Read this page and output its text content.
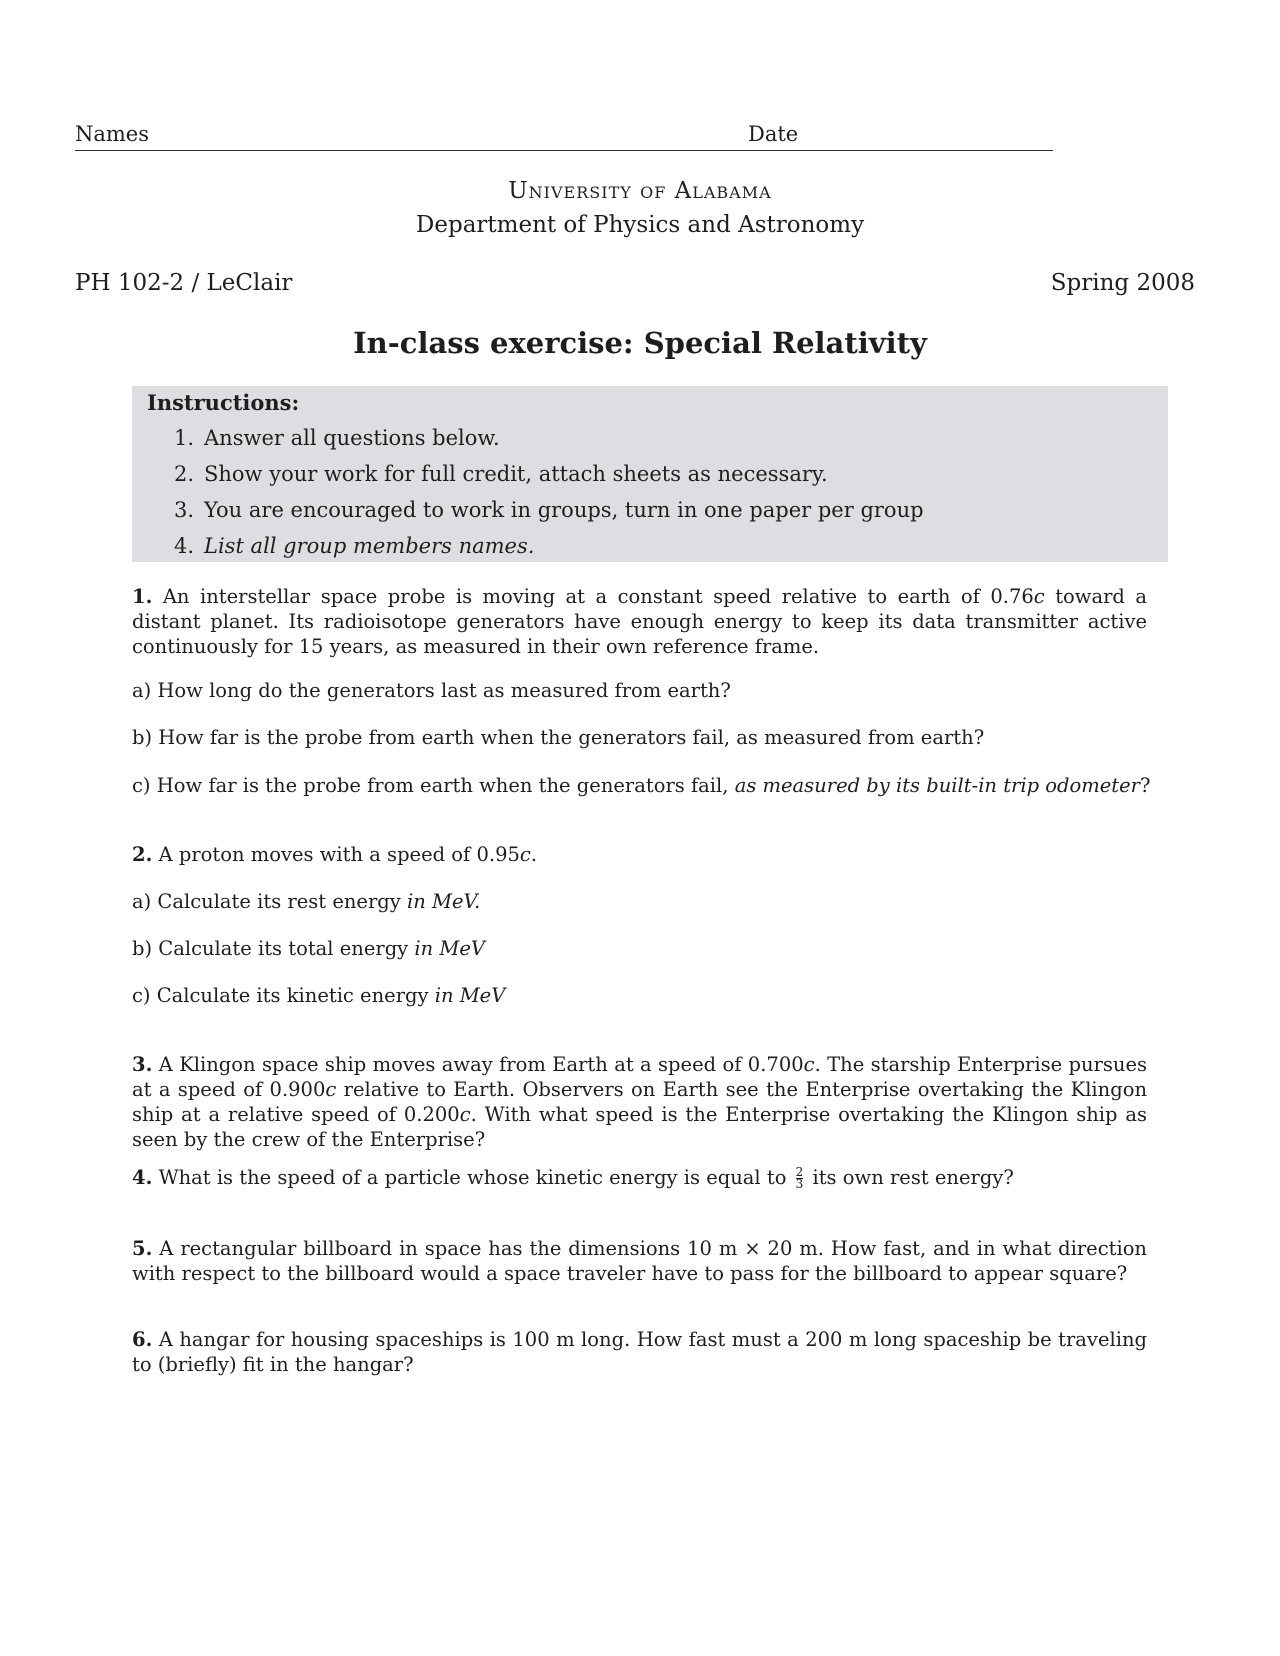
Names	Date
University of Alabama
Department of Physics and Astronomy
PH 102-2 / LeClair	Spring 2008
In-class exercise: Special Relativity
Instructions:
1. Answer all questions below.
2. Show your work for full credit, attach sheets as necessary.
3. You are encouraged to work in groups, turn in one paper per group
4. List all group members names.
1. An interstellar space probe is moving at a constant speed relative to earth of 0.76c toward a distant planet. Its radioisotope generators have enough energy to keep its data transmitter active continuously for 15 years, as measured in their own reference frame.
a) How long do the generators last as measured from earth?
b) How far is the probe from earth when the generators fail, as measured from earth?
c) How far is the probe from earth when the generators fail, as measured by its built-in trip odometer?
2. A proton moves with a speed of 0.95c.
a) Calculate its rest energy in MeV.
b) Calculate its total energy in MeV
c) Calculate its kinetic energy in MeV
3. A Klingon space ship moves away from Earth at a speed of 0.700c. The starship Enterprise pursues at a speed of 0.900c relative to Earth. Observers on Earth see the Enterprise overtaking the Klingon ship at a relative speed of 0.200c. With what speed is the Enterprise overtaking the Klingon ship as seen by the crew of the Enterprise?
4. What is the speed of a particle whose kinetic energy is equal to $\frac{2}{3}$ its own rest energy?
5. A rectangular billboard in space has the dimensions 10 m × 20 m. How fast, and in what direction with respect to the billboard would a space traveler have to pass for the billboard to appear square?
6. A hangar for housing spaceships is 100 m long. How fast must a 200 m long spaceship be traveling to (briefly) fit in the hangar?
